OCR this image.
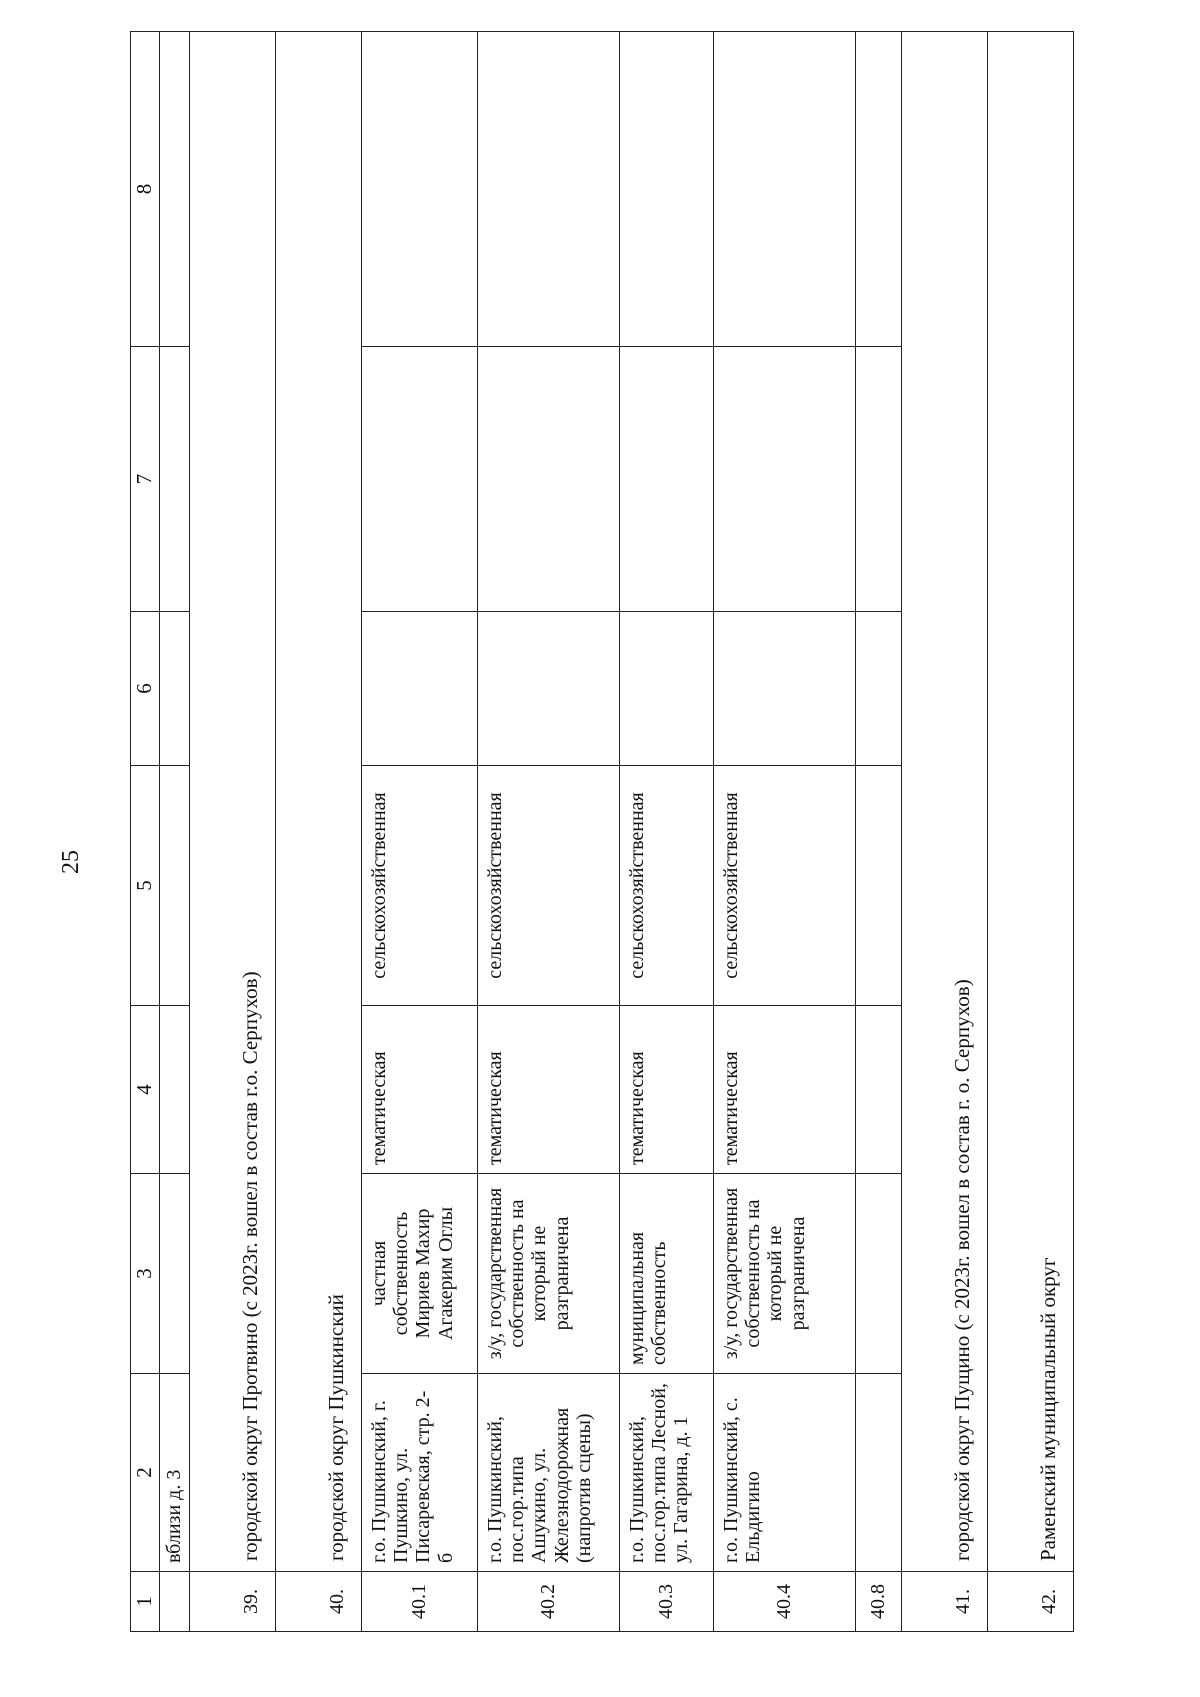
25
1	2	3	4	5	6	7	8
	вблизи д. 3						
39.	городской округ Протвино (с 2023г. вошел в состав г.о. Серпухов)						
40.	городской округ Пушкинский						
40.1	г.о. Пушкинский, г. Пушкино, ул. Писаревская, стр. 2-б	частная собственность Мириев Махир Агакерим Оглы	тематическая	сельскохозяйственная			
40.2	г.о. Пушкинский, пос.гор.типа Ашукино, ул. Железнодорожная (напротив сцены)	з/у, государственная собственность на который не разграничена	тематическая	сельскохозяйственная			
40.3	г.о. Пушкинский, пос.гор.типа Лесной, ул. Гагарина, д. 1	муниципальная собственность	тематическая	сельскохозяйственная			
40.4	г.о. Пушкинский, с. Ельдигино	з/у, государственная собственность на который не разграничена	тематическая	сельскохозяйственная			
40.8							
41.	городской округ Пущино (с 2023г. вошел в состав г. о. Серпухов)						
42.	Раменский муниципальный округ						
